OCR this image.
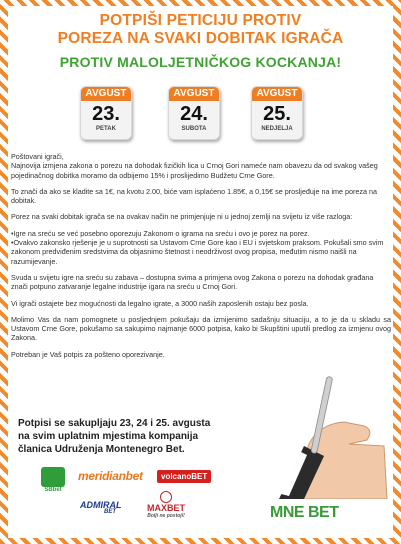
POTPIŠI PETICIJU PROTIV
POREZA NA SVAKI DOBITAK IGRAČA
PROTIV MALOLJETNIČKOG KOCKANJA!
AVGUST
23.
PETAK
AVGUST
24.
SUBOTA
AVGUST
25.
NEDJELJA

Poštovani igrači,

Najnovija izmjena zakona o porezu na dohodak fizičkih lica u Crnoj Gori nameće nam obavezu da od svakog vašeg pojedinačnog dobitka moramo da odbijemo 15% i proslijedimo Budžetu Crne Gore.

To znači da ako se kladite sa 1€, na kvotu 2.00, biće vam isplaćeno 1.85€, a 0,15€ se prosljeđuje na ime poreza na dobitak.

Porez na svaki dobitak igrača se na ovakav način ne primjenjuje ni u jednoj zemlji na svijetu iz više razloga:

•Igre na sreću se već posebno oporezuju Zakonom o igrama na sreću i ovo je porez na porez.

•Ovakvo zakonsko rješenje je u suprotnosti sa Ustavom Crne Gore kao i EU i svjetskom praksom. Pokušali smo svim zakonom predviđenim sredstvima da objasnimo štetnost i neodrživost ovog propisa, međutim nismo naišli na razumijevanje.

Svuda u svijetu igre na sreću su zabava – dostupna svima a primjena ovog Zakona o porezu na dohodak građana znači potpuno zatvaranje legalne industrije igara na sreću u Crnoj Gori.

Vi igrači ostajete bez mogućnosti da legalno igrate, a 3000 naših zaposlenih ostaju bez posla.

Molimo Vas da nam pomognete u posljednjem pokušaju da izmijenimo sadašnju situaciju, a to je da u skladu sa Ustavom Crne Gore, pokušamo sa sakupimo najmanje 6000 potpisa, kako bi Skupštini uputili predlog za izmjenu ovog Zakona.

Potreban je Vaš potpis za pošteno oporezivanje.

Potpisi se sakupljaju 23, 24 i 25. avgusta
na svim uplatnim mjestima kompanija
članica Udruženja Montenegro Bet.
SBbet
meridianbet	volcanoBET
ADMIRAL
BET	MAXBET
Bolji ne postoji!	MNE BET
